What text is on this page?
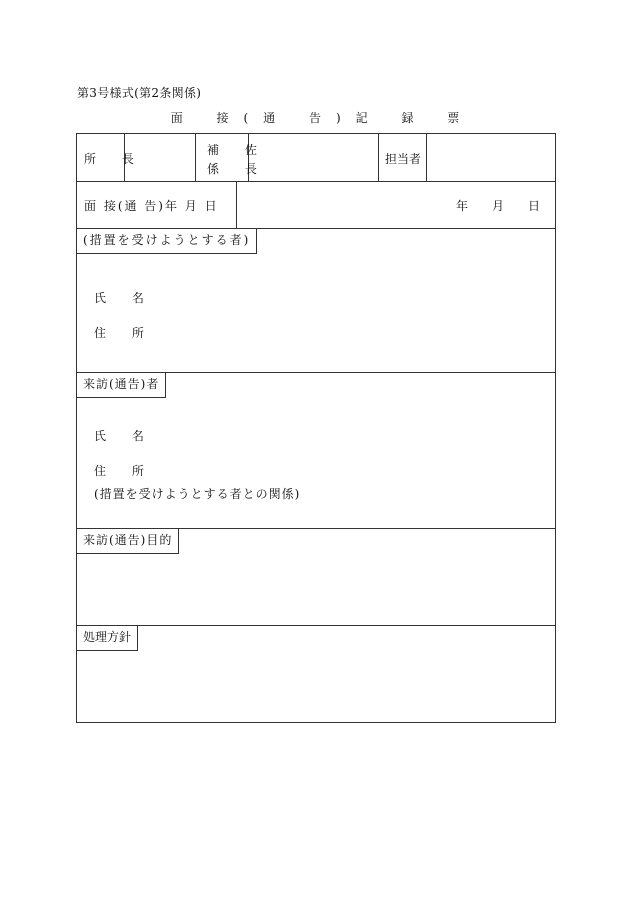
第3号様式(第2条関係)
面 接(通 告)記 録 票
所 長
補 佐
係 長
担当者
面 接(通 告)年 月 日	年 月 日
(措置を受けようとする者)
氏 名
住 所
来訪(通告)者
氏 名
住 所
(措置を受けようとする者との関係)
来訪(通告)目的
処理方針
